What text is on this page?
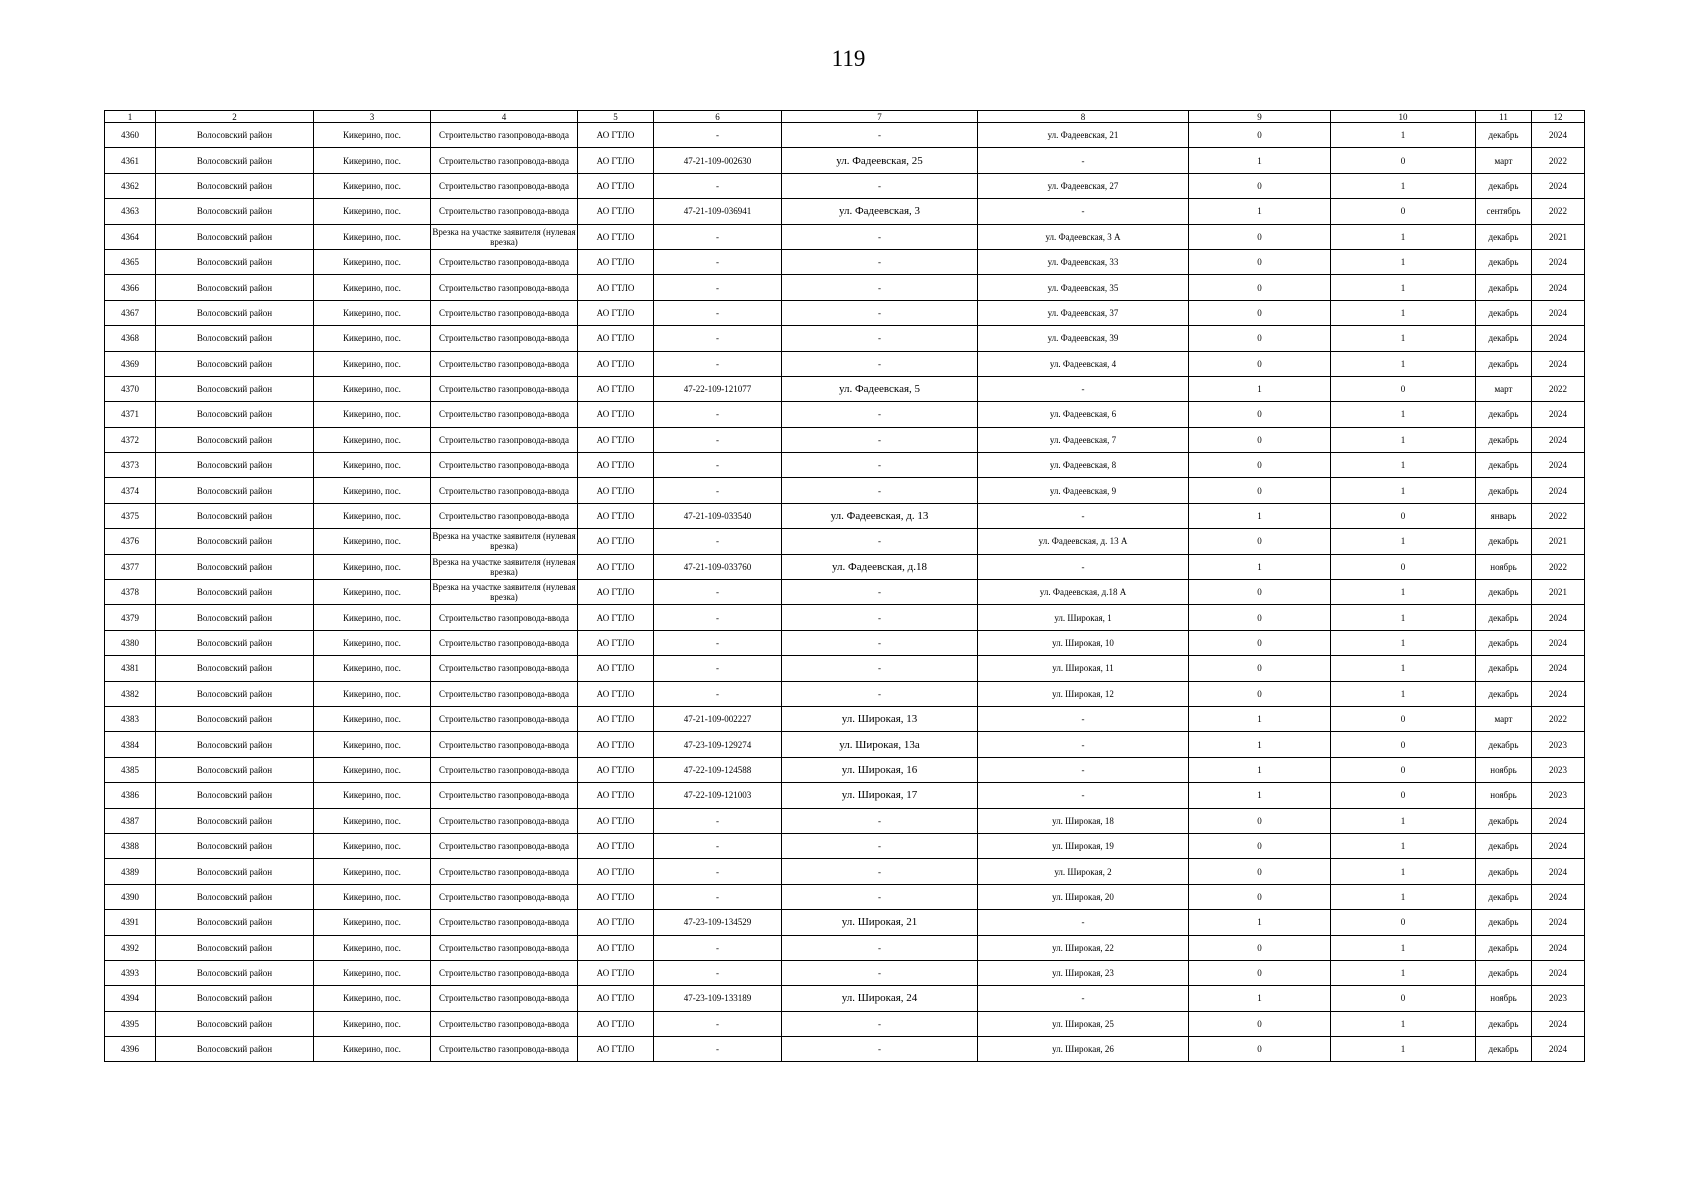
119
1	2	3	4	5	6	7	8	9	10	11	12
4360	Волосовский район	Кикерино, пос.	Строительство газопровода-ввода	АО ГТЛО	-	-	ул. Фадеевская, 21	0	1	декабрь	2024
4361	Волосовский район	Кикерино, пос.	Строительство газопровода-ввода	АО ГТЛО	47-21-109-002630	ул. Фадеевская, 25	-	1	0	март	2022
4362	Волосовский район	Кикерино, пос.	Строительство газопровода-ввода	АО ГТЛО	-	-	ул. Фадеевская, 27	0	1	декабрь	2024
4363	Волосовский район	Кикерино, пос.	Строительство газопровода-ввода	АО ГТЛО	47-21-109-036941	ул. Фадеевская, 3	-	1	0	сентябрь	2022
4364	Волосовский район	Кикерино, пос.	Врезка на участке заявителя (нулевая врезка)	АО ГТЛО	-	-	ул. Фадеевская, 3 А	0	1	декабрь	2021
4365	Волосовский район	Кикерино, пос.	Строительство газопровода-ввода	АО ГТЛО	-	-	ул. Фадеевская, 33	0	1	декабрь	2024
4366	Волосовский район	Кикерино, пос.	Строительство газопровода-ввода	АО ГТЛО	-	-	ул. Фадеевская, 35	0	1	декабрь	2024
4367	Волосовский район	Кикерино, пос.	Строительство газопровода-ввода	АО ГТЛО	-	-	ул. Фадеевская, 37	0	1	декабрь	2024
4368	Волосовский район	Кикерино, пос.	Строительство газопровода-ввода	АО ГТЛО	-	-	ул. Фадеевская, 39	0	1	декабрь	2024
4369	Волосовский район	Кикерино, пос.	Строительство газопровода-ввода	АО ГТЛО	-	-	ул. Фадеевская, 4	0	1	декабрь	2024
4370	Волосовский район	Кикерино, пос.	Строительство газопровода-ввода	АО ГТЛО	47-22-109-121077	ул. Фадеевская, 5	-	1	0	март	2022
4371	Волосовский район	Кикерино, пос.	Строительство газопровода-ввода	АО ГТЛО	-	-	ул. Фадеевская, 6	0	1	декабрь	2024
4372	Волосовский район	Кикерино, пос.	Строительство газопровода-ввода	АО ГТЛО	-	-	ул. Фадеевская, 7	0	1	декабрь	2024
4373	Волосовский район	Кикерино, пос.	Строительство газопровода-ввода	АО ГТЛО	-	-	ул. Фадеевская, 8	0	1	декабрь	2024
4374	Волосовский район	Кикерино, пос.	Строительство газопровода-ввода	АО ГТЛО	-	-	ул. Фадеевская, 9	0	1	декабрь	2024
4375	Волосовский район	Кикерино, пос.	Строительство газопровода-ввода	АО ГТЛО	47-21-109-033540	ул. Фадеевская, д. 13	-	1	0	январь	2022
4376	Волосовский район	Кикерино, пос.	Врезка на участке заявителя (нулевая врезка)	АО ГТЛО	-	-	ул. Фадеевская, д. 13 А	0	1	декабрь	2021
4377	Волосовский район	Кикерино, пос.	Врезка на участке заявителя (нулевая врезка)	АО ГТЛО	47-21-109-033760	ул. Фадеевская, д.18	-	1	0	ноябрь	2022
4378	Волосовский район	Кикерино, пос.	Врезка на участке заявителя (нулевая врезка)	АО ГТЛО	-	-	ул. Фадеевская, д.18 А	0	1	декабрь	2021
4379	Волосовский район	Кикерино, пос.	Строительство газопровода-ввода	АО ГТЛО	-	-	ул. Широкая, 1	0	1	декабрь	2024
4380	Волосовский район	Кикерино, пос.	Строительство газопровода-ввода	АО ГТЛО	-	-	ул. Широкая, 10	0	1	декабрь	2024
4381	Волосовский район	Кикерино, пос.	Строительство газопровода-ввода	АО ГТЛО	-	-	ул. Широкая, 11	0	1	декабрь	2024
4382	Волосовский район	Кикерино, пос.	Строительство газопровода-ввода	АО ГТЛО	-	-	ул. Широкая, 12	0	1	декабрь	2024
4383	Волосовский район	Кикерино, пос.	Строительство газопровода-ввода	АО ГТЛО	47-21-109-002227	ул. Широкая, 13	-	1	0	март	2022
4384	Волосовский район	Кикерино, пос.	Строительство газопровода-ввода	АО ГТЛО	47-23-109-129274	ул. Широкая, 13а	-	1	0	декабрь	2023
4385	Волосовский район	Кикерино, пос.	Строительство газопровода-ввода	АО ГТЛО	47-22-109-124588	ул. Широкая, 16	-	1	0	ноябрь	2023
4386	Волосовский район	Кикерино, пос.	Строительство газопровода-ввода	АО ГТЛО	47-22-109-121003	ул. Широкая, 17	-	1	0	ноябрь	2023
4387	Волосовский район	Кикерино, пос.	Строительство газопровода-ввода	АО ГТЛО	-	-	ул. Широкая, 18	0	1	декабрь	2024
4388	Волосовский район	Кикерино, пос.	Строительство газопровода-ввода	АО ГТЛО	-	-	ул. Широкая, 19	0	1	декабрь	2024
4389	Волосовский район	Кикерино, пос.	Строительство газопровода-ввода	АО ГТЛО	-	-	ул. Широкая, 2	0	1	декабрь	2024
4390	Волосовский район	Кикерино, пос.	Строительство газопровода-ввода	АО ГТЛО	-	-	ул. Широкая, 20	0	1	декабрь	2024
4391	Волосовский район	Кикерино, пос.	Строительство газопровода-ввода	АО ГТЛО	47-23-109-134529	ул. Широкая, 21	-	1	0	декабрь	2024
4392	Волосовский район	Кикерино, пос.	Строительство газопровода-ввода	АО ГТЛО	-	-	ул. Широкая, 22	0	1	декабрь	2024
4393	Волосовский район	Кикерино, пос.	Строительство газопровода-ввода	АО ГТЛО	-	-	ул. Широкая, 23	0	1	декабрь	2024
4394	Волосовский район	Кикерино, пос.	Строительство газопровода-ввода	АО ГТЛО	47-23-109-133189	ул. Широкая, 24	-	1	0	ноябрь	2023
4395	Волосовский район	Кикерино, пос.	Строительство газопровода-ввода	АО ГТЛО	-	-	ул. Широкая, 25	0	1	декабрь	2024
4396	Волосовский район	Кикерино, пос.	Строительство газопровода-ввода	АО ГТЛО	-	-	ул. Широкая, 26	0	1	декабрь	2024
